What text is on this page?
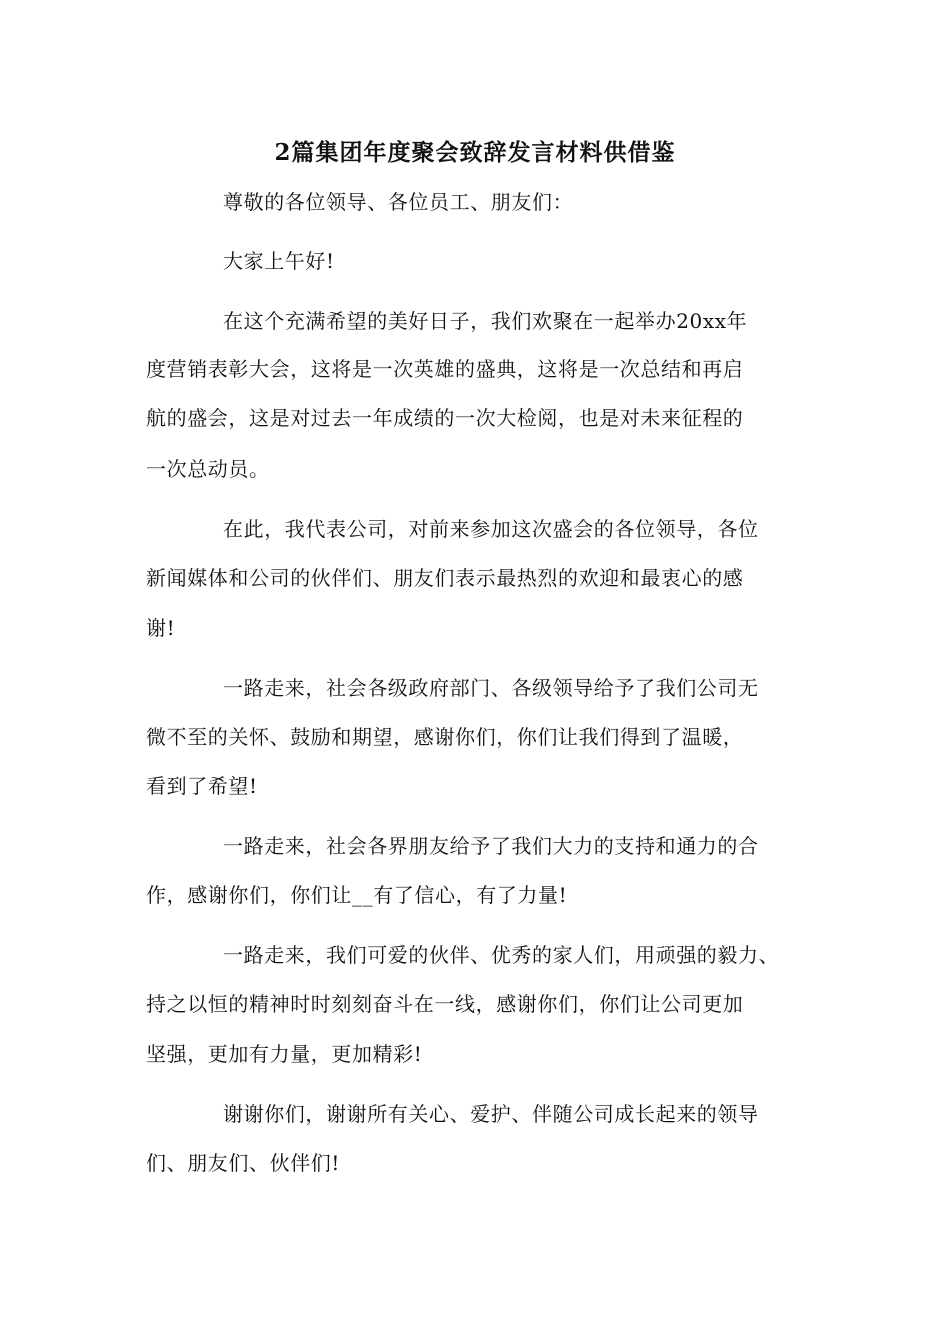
2篇集团年度聚会致辞发言材料供借鉴
尊敬的各位领导、各位员工、朋友们：
大家上午好!
在这个充满希望的美好日子，我们欢聚在一起举办20xx年
度营销表彰大会，这将是一次英雄的盛典，这将是一次总结和再启
航的盛会，这是对过去一年成绩的一次大检阅，也是对未来征程的
一次总动员。
在此，我代表公司，对前来参加这次盛会的各位领导，各位
新闻媒体和公司的伙伴们、朋友们表示最热烈的欢迎和最衷心的感
谢!
一路走来，社会各级政府部门、各级领导给予了我们公司无
微不至的关怀、鼓励和期望，感谢你们，你们让我们得到了温暖，
看到了希望!
一路走来，社会各界朋友给予了我们大力的支持和通力的合
作，感谢你们，你们让__有了信心，有了力量!
一路走来，我们可爱的伙伴、优秀的家人们，用顽强的毅力、
持之以恒的精神时时刻刻奋斗在一线，感谢你们，你们让公司更加
坚强，更加有力量，更加精彩!
谢谢你们，谢谢所有关心、爱护、伴随公司成长起来的领导
们、朋友们、伙伴们!
